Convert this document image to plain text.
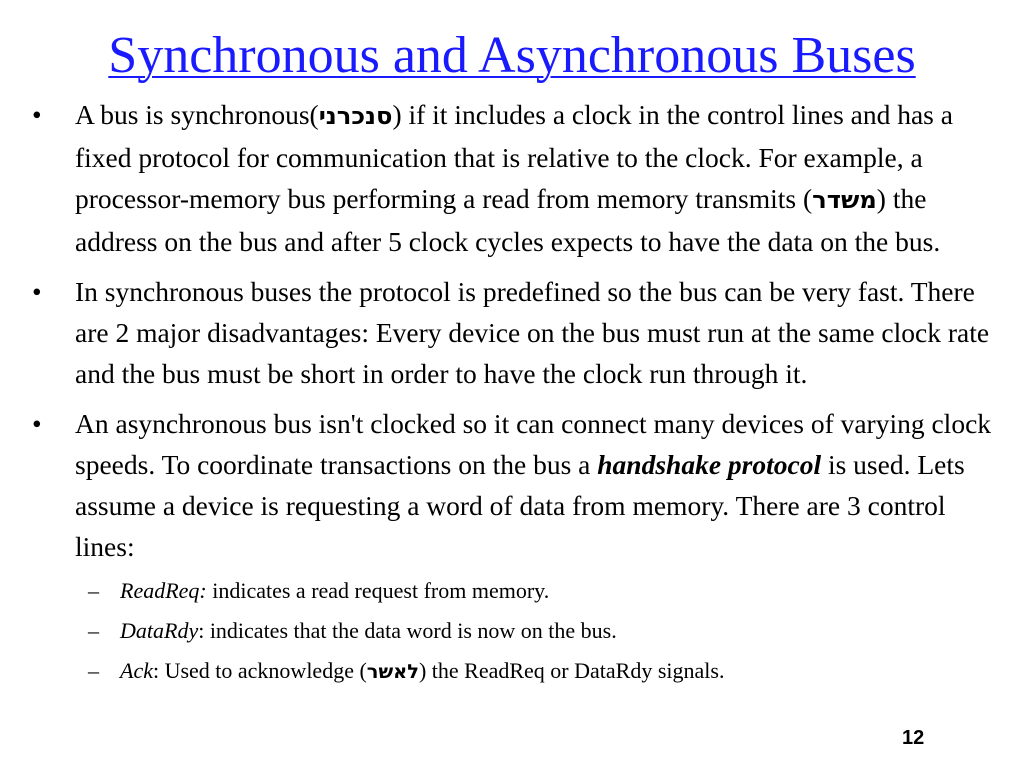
Synchronous and Asynchronous Buses
• A bus is synchronous(סנכרני) if it includes a clock in the control lines and has a fixed protocol for communication that is relative to the clock. For example, a processor-memory bus performing a read from memory transmits (משדר) the address on the bus and after 5 clock cycles expects to have the data on the bus.
• In synchronous buses the protocol is predefined so the bus can be very fast. There are 2 major disadvantages: Every device on the bus must run at the same clock rate and the bus must be short in order to have the clock run through it.
• An asynchronous bus isn't clocked so it can connect many devices of varying clock speeds. To coordinate transactions on the bus a handshake protocol is used. Lets assume a device is requesting a word of data from memory. There are 3 control lines:
– ReadReq: indicates a read request from memory.
– DataRdy: indicates that the data word is now on the bus.
– Ack: Used to acknowledge (לאשר) the ReadReq or DataRdy signals.
12
